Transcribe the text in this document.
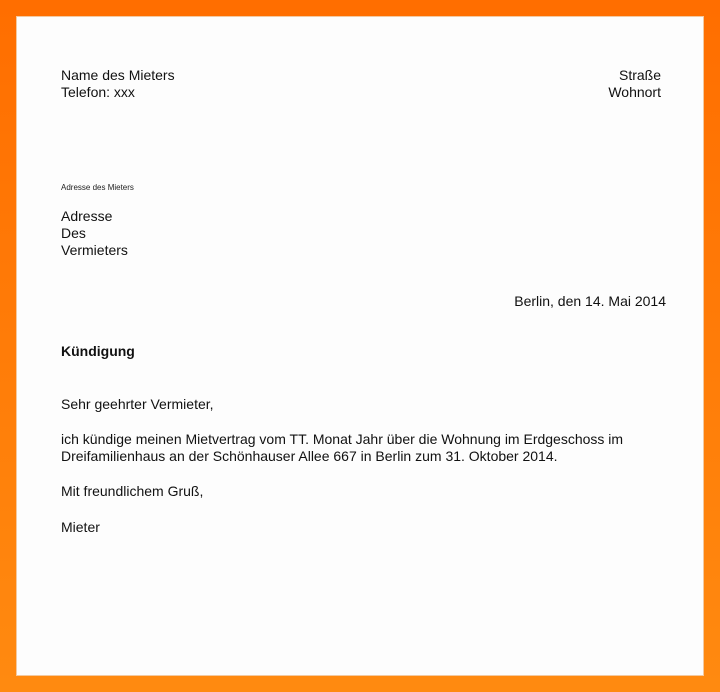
Name des Mieters
Telefon: xxx
Straße
Wohnort
Adresse des Mieters
Adresse
Des
Vermieters
Berlin, den 14. Mai 2014
Kündigung
Sehr geehrter Vermieter,
ich kündige meinen Mietvertrag vom TT. Monat Jahr über die Wohnung im Erdgeschoss im
Dreifamilienhaus an der Schönhauser Allee 667 in Berlin zum 31. Oktober 2014.
Mit freundlichem Gruß,
Mieter
